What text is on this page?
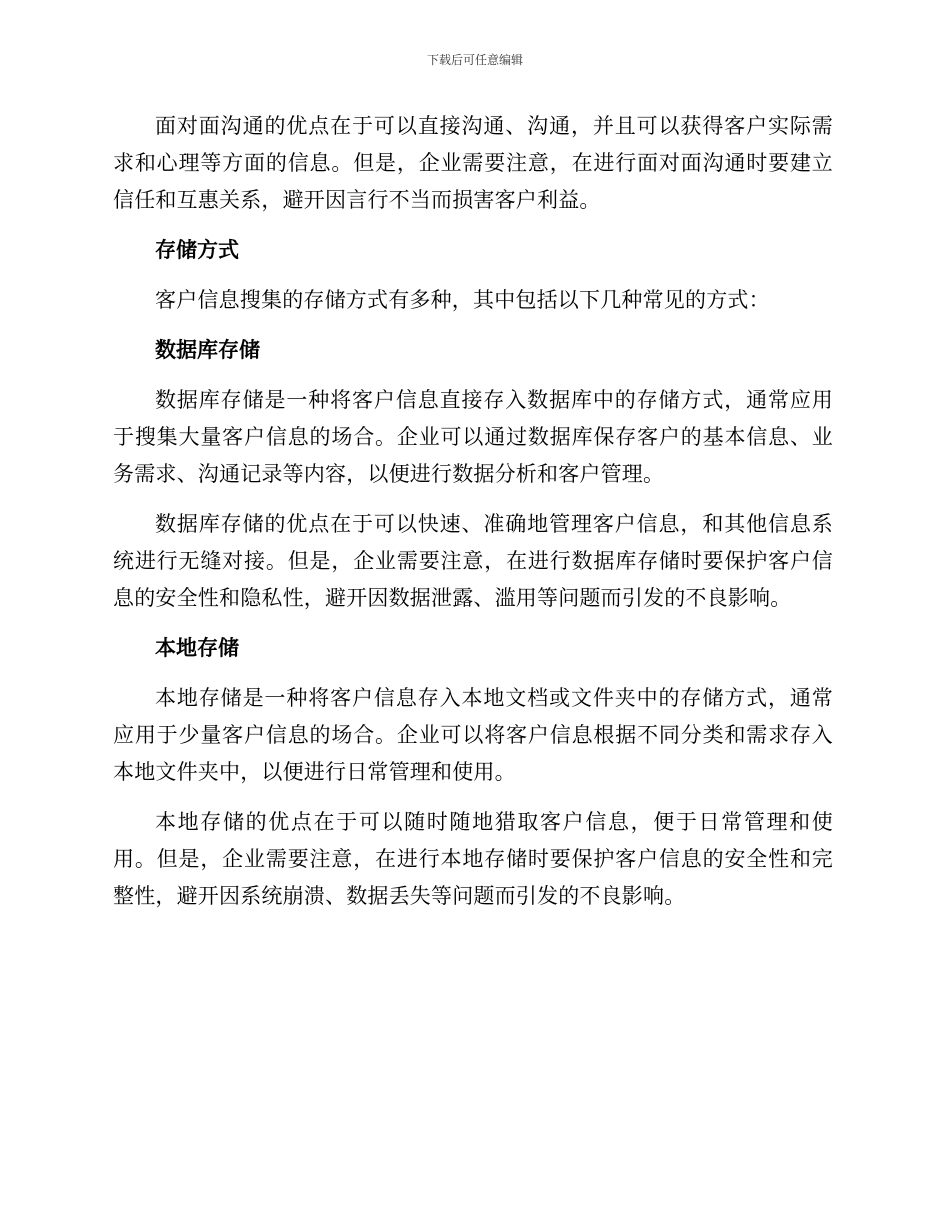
下载后可任意编辑

面对面沟通的优点在于可以直接沟通、沟通，并且可以获得客户实际需求和心理等方面的信息。但是，企业需要注意，在进行面对面沟通时要建立信任和互惠关系，避开因言行不当而损害客户利益。

存储方式

客户信息搜集的存储方式有多种，其中包括以下几种常见的方式：

数据库存储

数据库存储是一种将客户信息直接存入数据库中的存储方式，通常应用于搜集大量客户信息的场合。企业可以通过数据库保存客户的基本信息、业务需求、沟通记录等内容，以便进行数据分析和客户管理。

数据库存储的优点在于可以快速、准确地管理客户信息，和其他信息系统进行无缝对接。但是，企业需要注意，在进行数据库存储时要保护客户信息的安全性和隐私性，避开因数据泄露、滥用等问题而引发的不良影响。

本地存储

本地存储是一种将客户信息存入本地文档或文件夹中的存储方式，通常应用于少量客户信息的场合。企业可以将客户信息根据不同分类和需求存入本地文件夹中，以便进行日常管理和使用。

本地存储的优点在于可以随时随地猎取客户信息，便于日常管理和使用。但是，企业需要注意，在进行本地存储时要保护客户信息的安全性和完整性，避开因系统崩溃、数据丢失等问题而引发的不良影响。
